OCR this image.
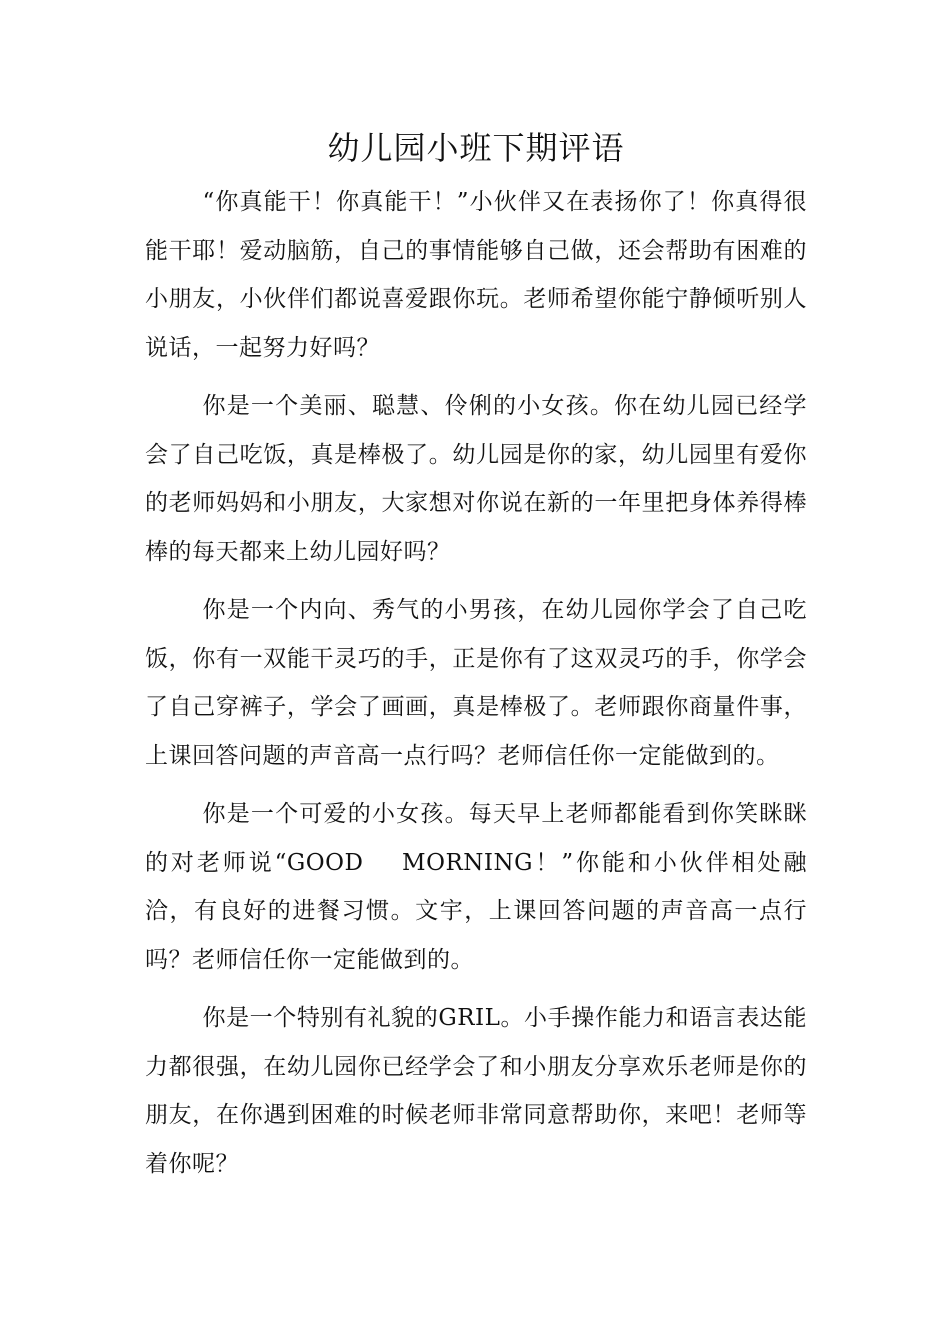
幼儿园小班下期评语

“你真能干！你真能干！”小伙伴又在表扬你了！你真得很能干耶！爱动脑筋，自己的事情能够自己做，还会帮助有困难的小朋友，小伙伴们都说喜爱跟你玩。老师希望你能宁静倾听别人说话，一起努力好吗？

你是一个美丽、聪慧、伶俐的小女孩。你在幼儿园已经学会了自己吃饭，真是棒极了。幼儿园是你的家，幼儿园里有爱你的老师妈妈和小朋友，大家想对你说在新的一年里把身体养得棒棒的每天都来上幼儿园好吗？

你是一个内向、秀气的小男孩，在幼儿园你学会了自己吃饭，你有一双能干灵巧的手，正是你有了这双灵巧的手，你学会了自己穿裤子，学会了画画，真是棒极了。老师跟你商量件事，上课回答问题的声音高一点行吗？老师信任你一定能做到的。

你是一个可爱的小女孩。每天早上老师都能看到你笑眯眯的对老师说“GOOD　 MORNING！”你能和小伙伴相处融洽，有良好的进餐习惯。文宇，上课回答问题的声音高一点行吗？老师信任你一定能做到的。

你是一个特别有礼貌的GRIL。小手操作能力和语言表达能力都很强，在幼儿园你已经学会了和小朋友分享欢乐老师是你的朋友，在你遇到困难的时候老师非常同意帮助你，来吧！老师等着你呢？
